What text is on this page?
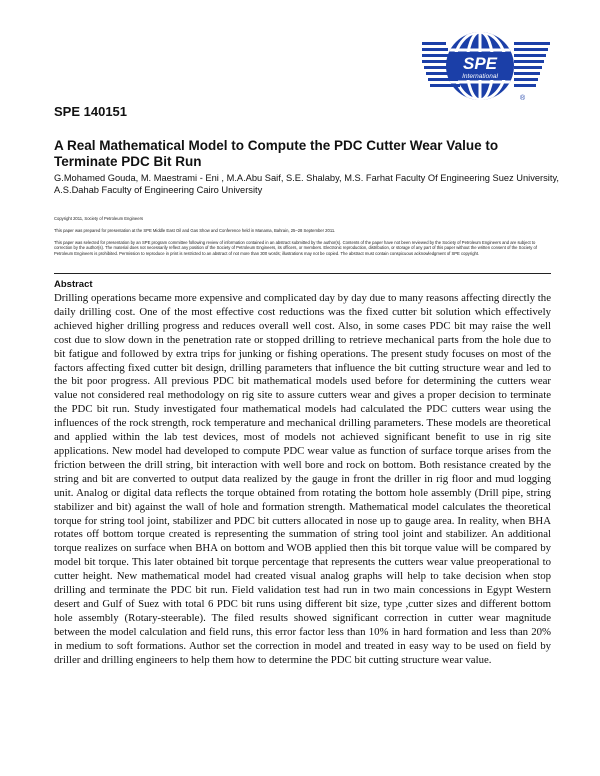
SPE
International
®
SPE 140151
A Real Mathematical Model to Compute the PDC Cutter Wear Value to Terminate PDC Bit Run
G.Mohamed Gouda, M. Maestrami - Eni , M.A.Abu Saif, S.E. Shalaby, M.S. Farhat Faculty Of Engineering Suez University, A.S.Dahab Faculty of Engineering Cairo University
Copyright 2011, Society of Petroleum Engineers
This paper was prepared for presentation at the SPE Middle East Oil and Gas Show and Conference held in Manama, Bahrain, 25–28 September 2011.
This paper was selected for presentation by an SPE program committee following review of information contained in an abstract submitted by the author(s). Contents of the paper have not been reviewed by the Society of Petroleum Engineers and are subject to correction by the author(s). The material does not necessarily reflect any position of the Society of Petroleum Engineers, its officers, or members. Electronic reproduction, distribution, or storage of any part of this paper without the written consent of the Society of Petroleum Engineers is prohibited. Permission to reproduce in print is restricted to an abstract of not more than 300 words; illustrations may not be copied. The abstract must contain conspicuous acknowledgment of SPE copyright.
Abstract

Drilling operations became more expensive and complicated day by day due to many reasons affecting directly the daily drilling cost. One of the most effective cost reductions was the fixed cutter bit solution which effectively achieved higher drilling progress and reduces overall well cost. Also, in some cases PDC bit may raise the well cost due to slow down in the penetration rate or stopped drilling to retrieve mechanical parts from the hole due to bit fatigue and followed by extra trips for junking or fishing operations. The present study focuses on most of the factors affecting fixed cutter bit design, drilling parameters that influence the bit cutting structure wear and led to the bit poor progress. All previous PDC bit mathematical models used before for determining the cutters wear value not considered real methodology on rig site to assure cutters wear and gives a proper decision to terminate the PDC bit run. Study investigated four mathematical models had calculated the PDC cutters wear using the influences of the rock strength, rock temperature and mechanical drilling parameters. These models are theoretical and applied within the lab test devices, most of models not achieved significant benefit to use in rig site applications. New model had developed to compute PDC wear value as function of surface torque arises from the friction between the drill string, bit interaction with well bore and rock on bottom. Both resistance created by the string and bit are converted to output data realized by the gauge in front the driller in rig floor and mud logging unit. Analog or digital data reflects the torque obtained from rotating the bottom hole assembly (Drill pipe, string stabilizer and bit) against the wall of hole and formation strength. Mathematical model calculates the theoretical torque for string tool joint, stabilizer and PDC bit cutters allocated in nose up to gauge area. In reality, when BHA rotates off bottom torque created is representing the summation of string tool joint and stabilizer. An additional torque realizes on surface when BHA on bottom and WOB applied then this bit torque value will be compared by model bit torque. This later obtained bit torque percentage that represents the cutters wear value preoperational to cutter height. New mathematical model had created visual analog graphs will help to take decision when stop drilling and terminate the PDC bit run. Field validation test had run in two main concessions in Egypt Western desert and Gulf of Suez with total 6 PDC bit runs using different bit size, type ,cutter sizes and different bottom hole assembly (Rotary-steerable). The filed results showed significant correction in cutter wear magnitude between the model calculation and field runs, this error factor less than 10% in hard formation and less than 20% in medium to soft formations. Author set the correction in model and treated in easy way to be used on field by driller and drilling engineers to help them how to determine the PDC bit cutting structure wear value.
